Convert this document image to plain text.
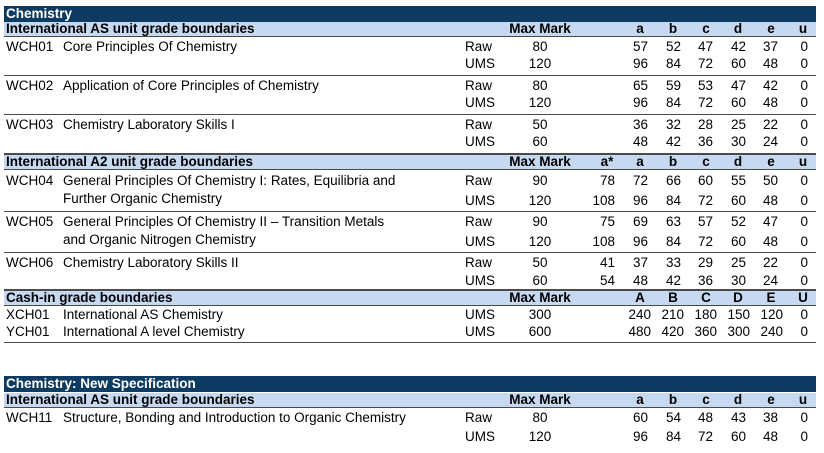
Chemistry
International AS unit grade boundaries	Max Mark	a	b	c	d	e	u
WCH01 Core Principles Of Chemistry	Raw	80	57	52	47	42	37	0
UMS	120	96	84	72	60	48	0
WCH02 Application of Core Principles of Chemistry	Raw	80	65	59	53	47	42	0
UMS	120	96	84	72	60	48	0
WCH03 Chemistry Laboratory Skills I	Raw	50	36	32	28	25	22	0
UMS	60	48	42	36	30	24	0
International A2 unit grade boundaries	Max Mark	a*	a	b	c	d	e	u
WCH04 General Principles Of Chemistry I: Rates, Equilibria and
Further Organic Chemistry
Raw	90	78	72	66	60	55	50	0
UMS	120	108	96	84	72	60	48	0
WCH05 General Principles Of Chemistry II – Transition Metals
and Organic Nitrogen Chemistry
Raw	90	75	69	63	57	52	47	0
UMS	120	108	96	84	72	60	48	0
WCH06 Chemistry Laboratory Skills II	Raw	50	41	37	33	29	25	22	0
UMS	60	54	48	42	36	30	24	0
Cash-in grade boundaries	Max Mark	A	B	C	D	E	U
XCH01 International AS Chemistry	UMS	300	240 210 180 150 120	0
YCH01 International A level Chemistry	UMS	600	480 420 360 300 240	0
Chemistry: New Specification
International AS unit grade boundaries	Max Mark	a	b	c	d	e	u
WCH11 Structure, Bonding and Introduction to Organic Chemistry	Raw	80	60	54	48	43	38	0
UMS	120	96	84	72	60	48	0
